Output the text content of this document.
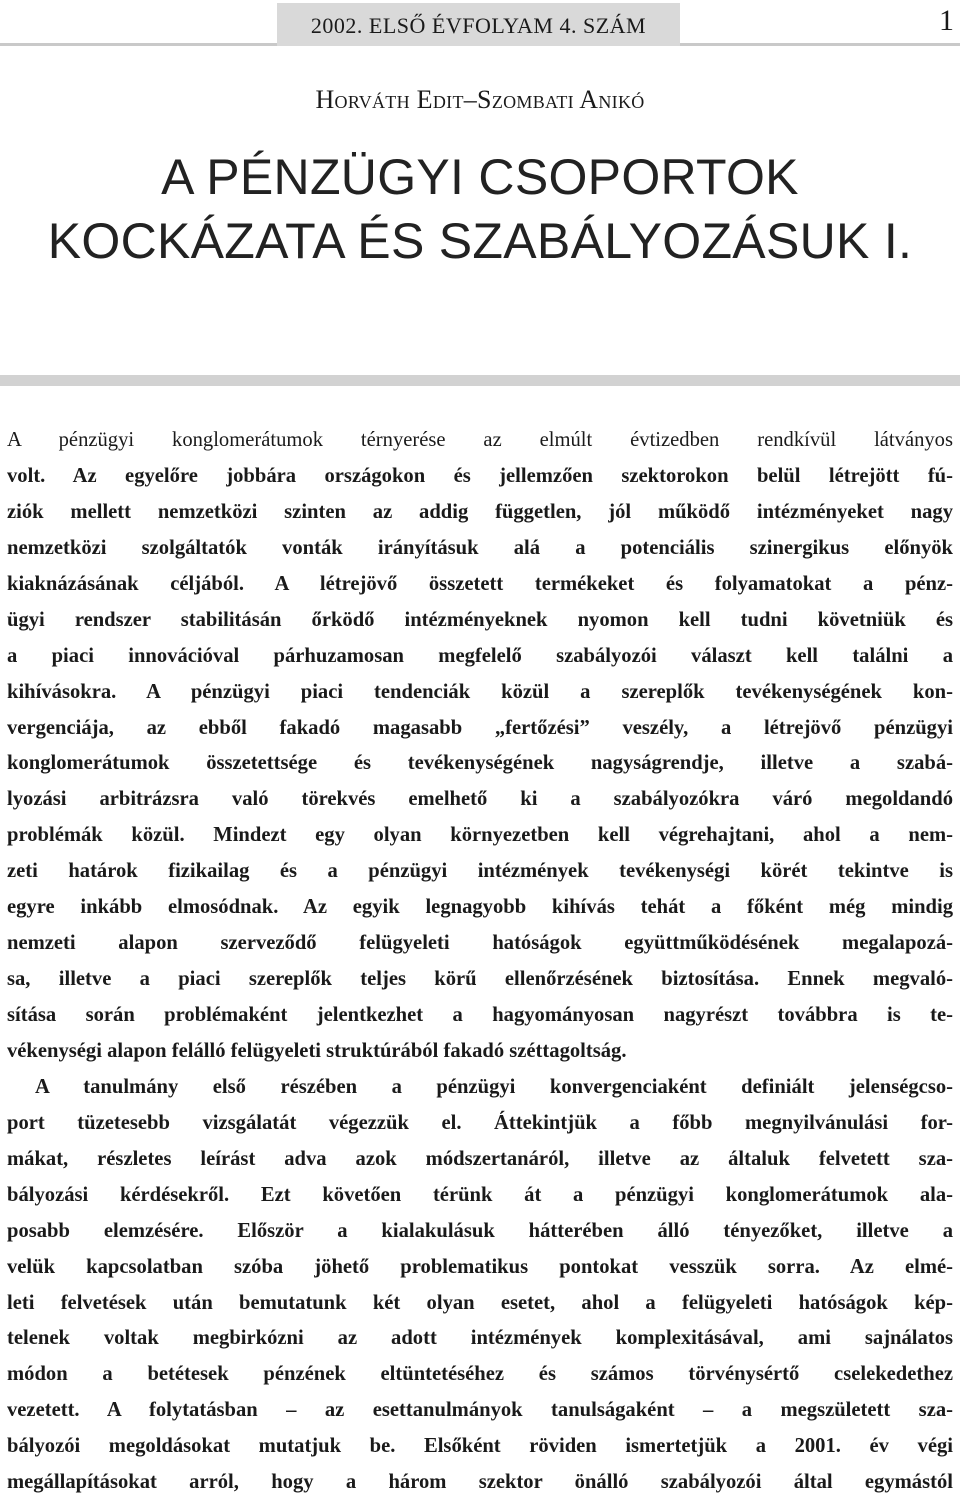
2002. ELSŐ ÉVFOLYAM 4. SZÁM	1
Horváth Edit–Szombati Anikó
A PÉNZÜGYI CSOPORTOK
KOCKÁZATA ÉS SZABÁLYOZÁSUK I.
A pénzügyi konglomerátumok térnyerése az elmúlt évtizedben rendkívül látványos
volt. Az egyelőre jobbára országokon és jellemzően szektorokon belül létrejött fú-
ziók mellett nemzetközi szinten az addig független, jól működő intézményeket nagy
nemzetközi szolgáltatók vonták irányításuk alá a potenciális szinergikus előnyök
kiaknázásának céljából. A létrejövő összetett termékeket és folyamatokat a pénz-
ügyi rendszer stabilitásán őrködő intézményeknek nyomon kell tudni követniük és
a piaci innovációval párhuzamosan megfelelő szabályozói választ kell találni a
kihívásokra. A pénzügyi piaci tendenciák közül a szereplők tevékenységének kon-
vergenciája, az ebből fakadó magasabb „fertőzési” veszély, a létrejövő pénzügyi
konglomerátumok összetettsége és tevékenységének nagyságrendje, illetve a szabá-
lyozási arbitrázsra való törekvés emelhető ki a szabályozókra váró megoldandó
problémák közül. Mindezt egy olyan környezetben kell végrehajtani, ahol a nem-
zeti határok fizikailag és a pénzügyi intézmények tevékenységi körét tekintve is
egyre inkább elmosódnak. Az egyik legnagyobb kihívás tehát a főként még mindig
nemzeti alapon szerveződő felügyeleti hatóságok együttműködésének megalapozá-
sa, illetve a piaci szereplők teljes körű ellenőrzésének biztosítása. Ennek megvaló-
sítása során problémaként jelentkezhet a hagyományosan nagyrészt továbbra is te-
vékenységi alapon felálló felügyeleti struktúrából fakadó széttagoltság.
A tanulmány első részében a pénzügyi konvergenciaként definiált jelenségcso-
port tüzetesebb vizsgálatát végezzük el. Áttekintjük a főbb megnyilvánulási for-
mákat, részletes leírást adva azok módszertanáról, illetve az általuk felvetett sza-
bályozási kérdésekről. Ezt követően térünk át a pénzügyi konglomerátumok ala-
posabb elemzésére. Először a kialakulásuk hátterében álló tényezőket, illetve a
velük kapcsolatban szóba jöhető problematikus pontokat vesszük sorra. Az elmé-
leti felvetések után bemutatunk két olyan esetet, ahol a felügyeleti hatóságok kép-
telenek voltak megbirkózni az adott intézmények komplexitásával, ami sajnálatos
módon a betétesek pénzének eltüntetéséhez és számos törvénysértő cselekedethez
vezetett. A folytatásban – az esettanulmányok tanulságaként – a megszületett sza-
bályozói megoldásokat mutatjuk be. Elsőként röviden ismertetjük a 2001. év végi
megállapításokat arról, hogy a három szektor önálló szabályozói által egymástól
